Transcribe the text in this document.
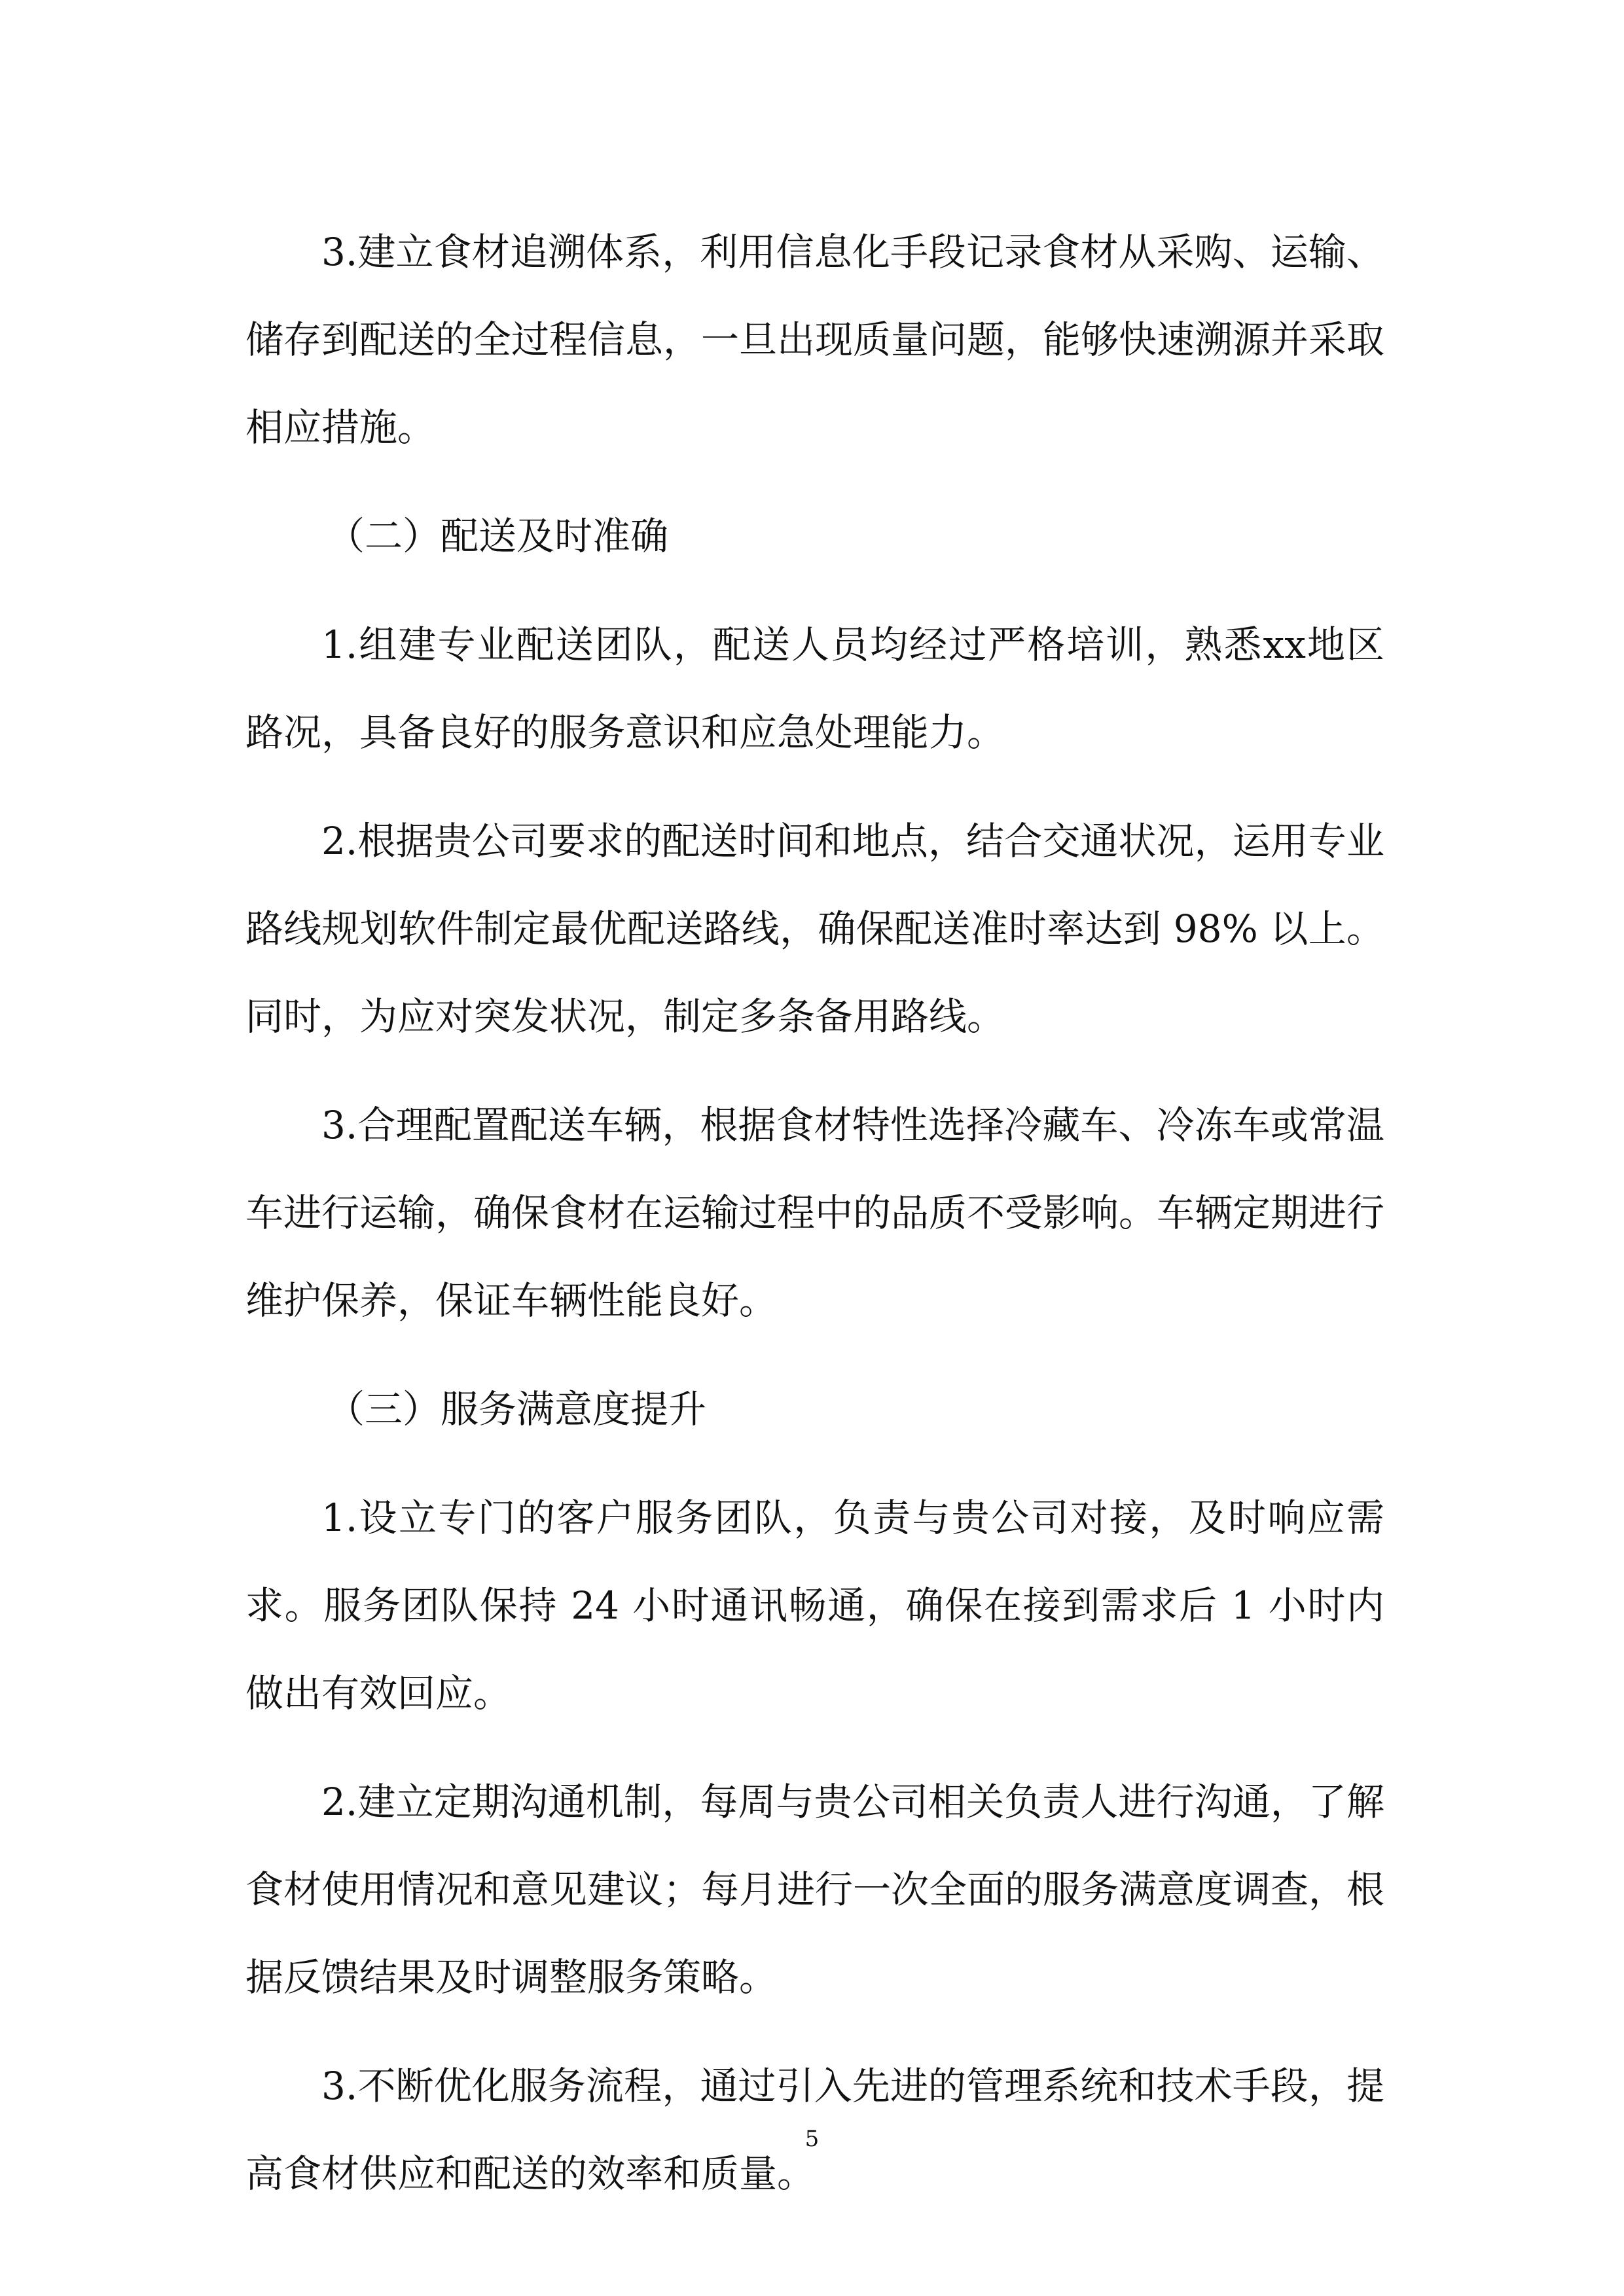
3.建立食材追溯体系，利用信息化手段记录食材从采购、运输、储存到配送的全过程信息，一旦出现质量问题，能够快速溯源并采取相应措施。

（二）配送及时准确

1.组建专业配送团队，配送人员均经过严格培训，熟悉xx地区路况，具备良好的服务意识和应急处理能力。

2.根据贵公司要求的配送时间和地点，结合交通状况，运用专业路线规划软件制定最优配送路线，确保配送准时率达到 98% 以上。同时，为应对突发状况，制定多条备用路线。

3.合理配置配送车辆，根据食材特性选择冷藏车、冷冻车或常温车进行运输，确保食材在运输过程中的品质不受影响。车辆定期进行维护保养，保证车辆性能良好。

（三）服务满意度提升

1.设立专门的客户服务团队，负责与贵公司对接，及时响应需求。服务团队保持 24 小时通讯畅通，确保在接到需求后 1 小时内做出有效回应。

2.建立定期沟通机制，每周与贵公司相关负责人进行沟通，了解食材使用情况和意见建议；每月进行一次全面的服务满意度调查，根据反馈结果及时调整服务策略。

3.不断优化服务流程，通过引入先进的管理系统和技术手段，提高食材供应和配送的效率和质量。

5
